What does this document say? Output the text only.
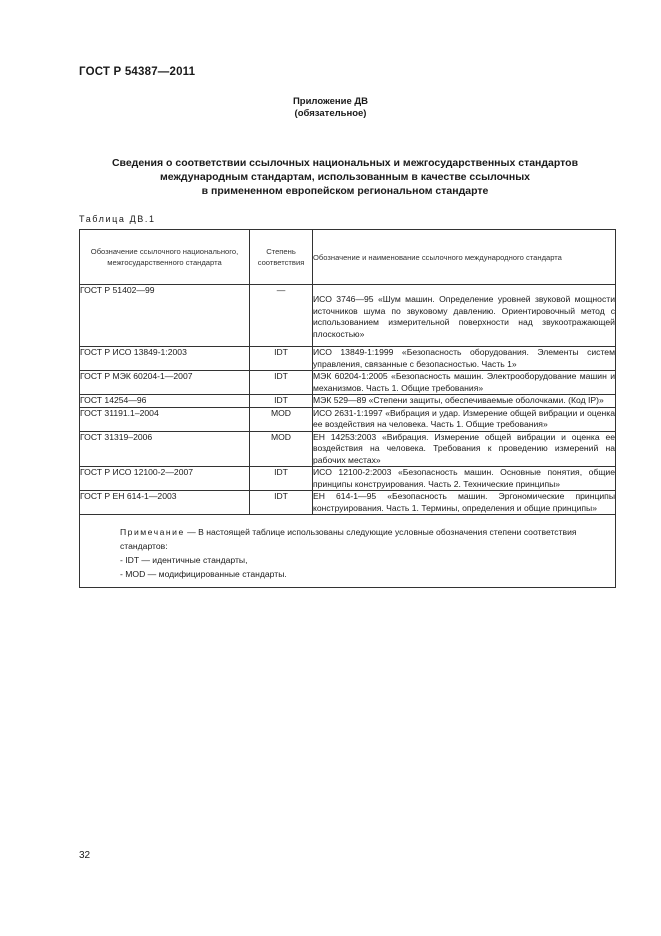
ГОСТ Р 54387—2011
Приложение ДВ
(обязательное)
Сведения о соответствии ссылочных национальных и межгосударственных стандартов
международным стандартам, использованным в качестве ссылочных
в примененном европейском региональном стандарте
Таблица ДВ.1
Обозначение ссылочного национального, межгосударственного стандарта	Степень соответствия	Обозначение и наименование ссылочного международного стандарта
ГОСТ Р 51402—99	—	ИСО 3746—95 «Шум машин. Определение уровней звуковой мощности источников шума по звуковому давлению. Ориентировочный метод с использованием измерительной поверхности над звукоотражающей плоскостью»
ГОСТ Р ИСО 13849-1:2003	IDT	ИСО 13849-1:1999 «Безопасность оборудования. Элементы систем управления, связанные с безопасностью. Часть 1»
ГОСТ Р МЭК 60204-1—2007	IDT	МЭК 60204-1:2005 «Безопасность машин. Электрооборудование машин и механизмов. Часть 1. Общие требования»
ГОСТ 14254—96	IDT	МЭК 529—89 «Степени защиты, обеспечиваемые оболочками. (Код IP)»
ГОСТ 31191.1–2004	MOD	ИСО 2631-1:1997 «Вибрация и удар. Измерение общей вибрации и оценка ее воздействия на человека. Часть 1. Общие требования»
ГОСТ 31319–2006	MOD	ЕН 14253:2003 «Вибрация. Измерение общей вибрации и оценка ее воздействия на человека. Требования к проведению измерений на рабочих местах»
ГОСТ Р ИСО 12100-2—2007	IDT	ИСО 12100-2:2003 «Безопасность машин. Основные понятия, общие принципы конструирования. Часть 2. Технические принципы»
ГОСТ Р ЕН 614-1—2003	IDT	ЕН 614-1—95 «Безопасность машин. Эргономические принципы конструирования. Часть 1. Термины, определения и общие принципы»

Примечание — В настоящей таблице использованы следующие условные обозначения степени соответствия стандартов:

- IDT — идентичные стандарты,

- MOD — модифицированные стандарты.		

32
